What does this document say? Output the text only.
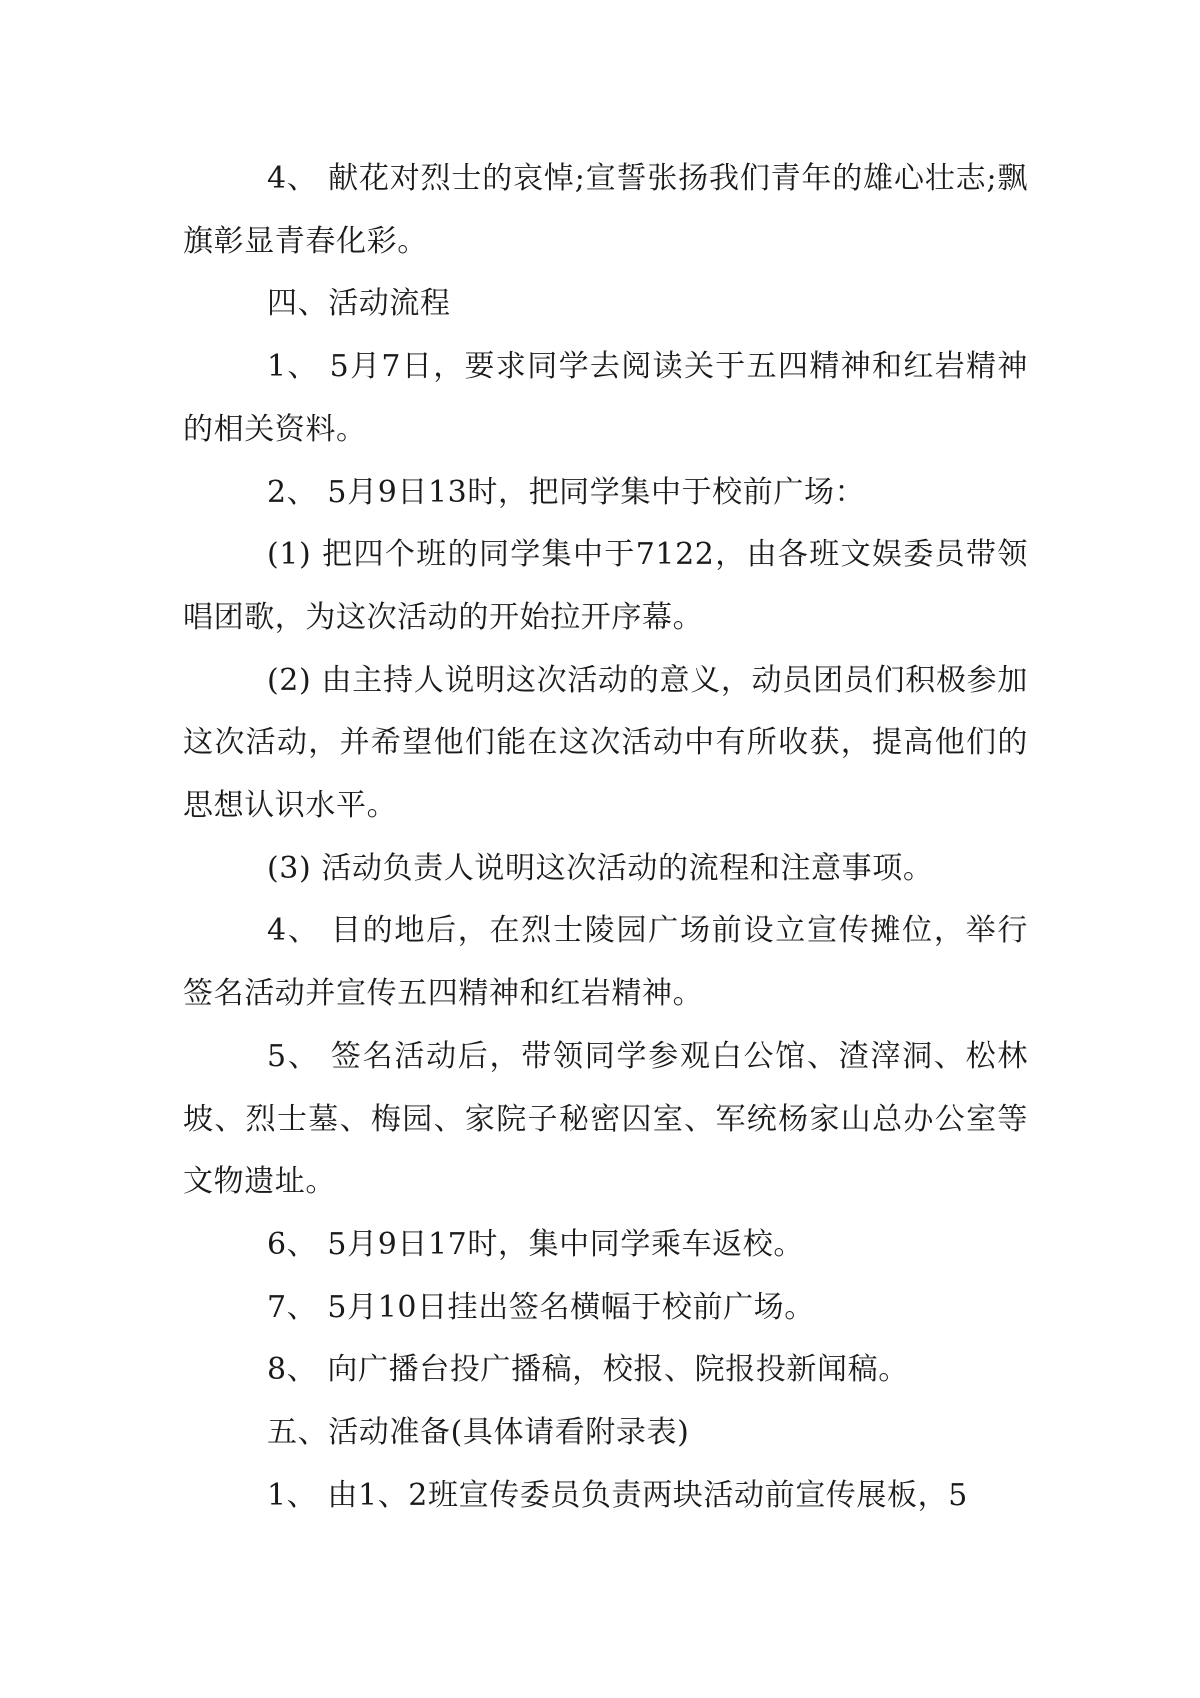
4、 献花对烈士的哀悼;宣誓张扬我们青年的雄心壮志;飘旗彰显青春化彩。

四、活动流程

1、 5月7日，要求同学去阅读关于五四精神和红岩精神的相关资料。

2、 5月9日13时，把同学集中于校前广场：

(1) 把四个班的同学集中于7122，由各班文娱委员带领唱团歌，为这次活动的开始拉开序幕。

(2) 由主持人说明这次活动的意义，动员团员们积极参加这次活动，并希望他们能在这次活动中有所收获，提高他们的思想认识水平。

(3) 活动负责人说明这次活动的流程和注意事项。

4、 目的地后，在烈士陵园广场前设立宣传摊位，举行签名活动并宣传五四精神和红岩精神。

5、 签名活动后，带领同学参观白公馆、渣滓洞、松林坡、烈士墓、梅园、家院子秘密囚室、军统杨家山总办公室等文物遗址。

6、 5月9日17时，集中同学乘车返校。

7、 5月10日挂出签名横幅于校前广场。

8、 向广播台投广播稿，校报、院报投新闻稿。

五、活动准备(具体请看附录表)

1、 由1、2班宣传委员负责两块活动前宣传展板，5
